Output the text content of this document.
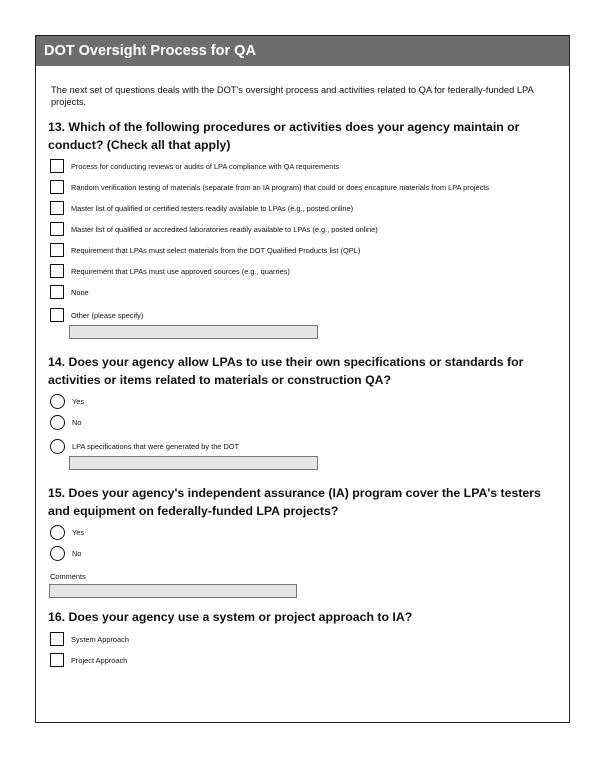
DOT Oversight Process for QA
The next set of questions deals with the DOT's oversight process and activities related to QA for federally-funded LPA projects.
13. Which of the following procedures or activities does your agency maintain or conduct? (Check all that apply)
Process for conducting reviews or audits of LPA compliance with QA requirements
Random verification testing of materials (separate from an IA program) that could or does encapture materials from LPA projects
Master list of qualified or certified testers readily available to LPAs (e.g., posted online)
Master list of qualified or accredited laboratories readily available to LPAs (e.g., posted online)
Requirement that LPAs must select materials from the DOT Qualified Products list (QPL)
Requirement that LPAs must use approved sources (e.g., quarries)
None
Other (please specify)
14. Does your agency allow LPAs to use their own specifications or standards for activities or items related to materials or construction QA?
Yes
No
LPA specifications that were generated by the DOT
15. Does your agency's independent assurance (IA) program cover the LPA's testers and equipment on federally-funded LPA projects?
Yes
No
Comments
16. Does your agency use a system or project approach to IA?
System Approach
Project Approach
